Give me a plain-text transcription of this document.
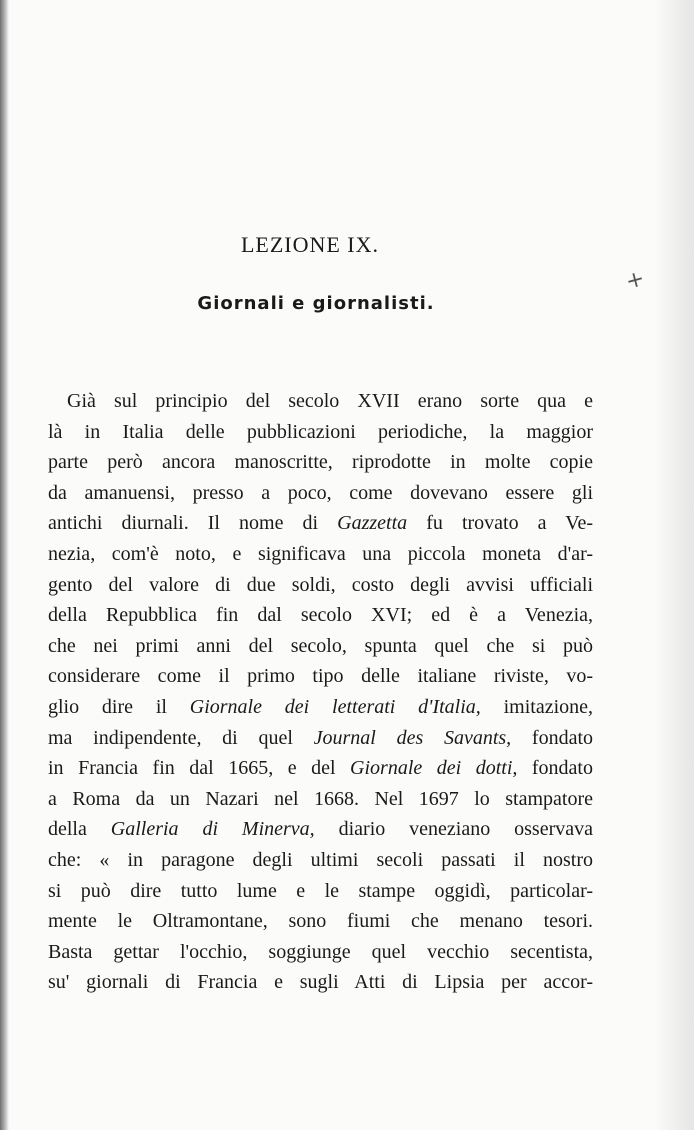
LEZIONE IX.
Giornali e giornalisti.
+
Già sul principio del secolo XVII erano sorte qua e
là in Italia delle pubblicazioni periodiche, la maggior
parte però ancora manoscritte, riprodotte in molte copie
da amanuensi, presso a poco, come dovevano essere gli
antichi diurnali. Il nome di Gazzetta fu trovato a Ve-
nezia, com'è noto, e significava una piccola moneta d'ar-
gento del valore di due soldi, costo degli avvisi ufficiali
della Repubblica fin dal secolo XVI; ed è a Venezia,
che nei primi anni del secolo, spunta quel che si può
considerare come il primo tipo delle italiane riviste, vo-
glio dire il Giornale dei letterati d'Italia, imitazione,
ma indipendente, di quel Journal des Savants, fondato
in Francia fin dal 1665, e del Giornale dei dotti, fondato
a Roma da un Nazari nel 1668. Nel 1697 lo stampatore
della Galleria di Minerva, diario veneziano osservava
che: « in paragone degli ultimi secoli passati il nostro
si può dire tutto lume e le stampe oggidì, particolar-
mente le Oltramontane, sono fiumi che menano tesori.
Basta gettar l'occhio, soggiunge quel vecchio secentista,
su' giornali di Francia e sugli Atti di Lipsia per accor-
